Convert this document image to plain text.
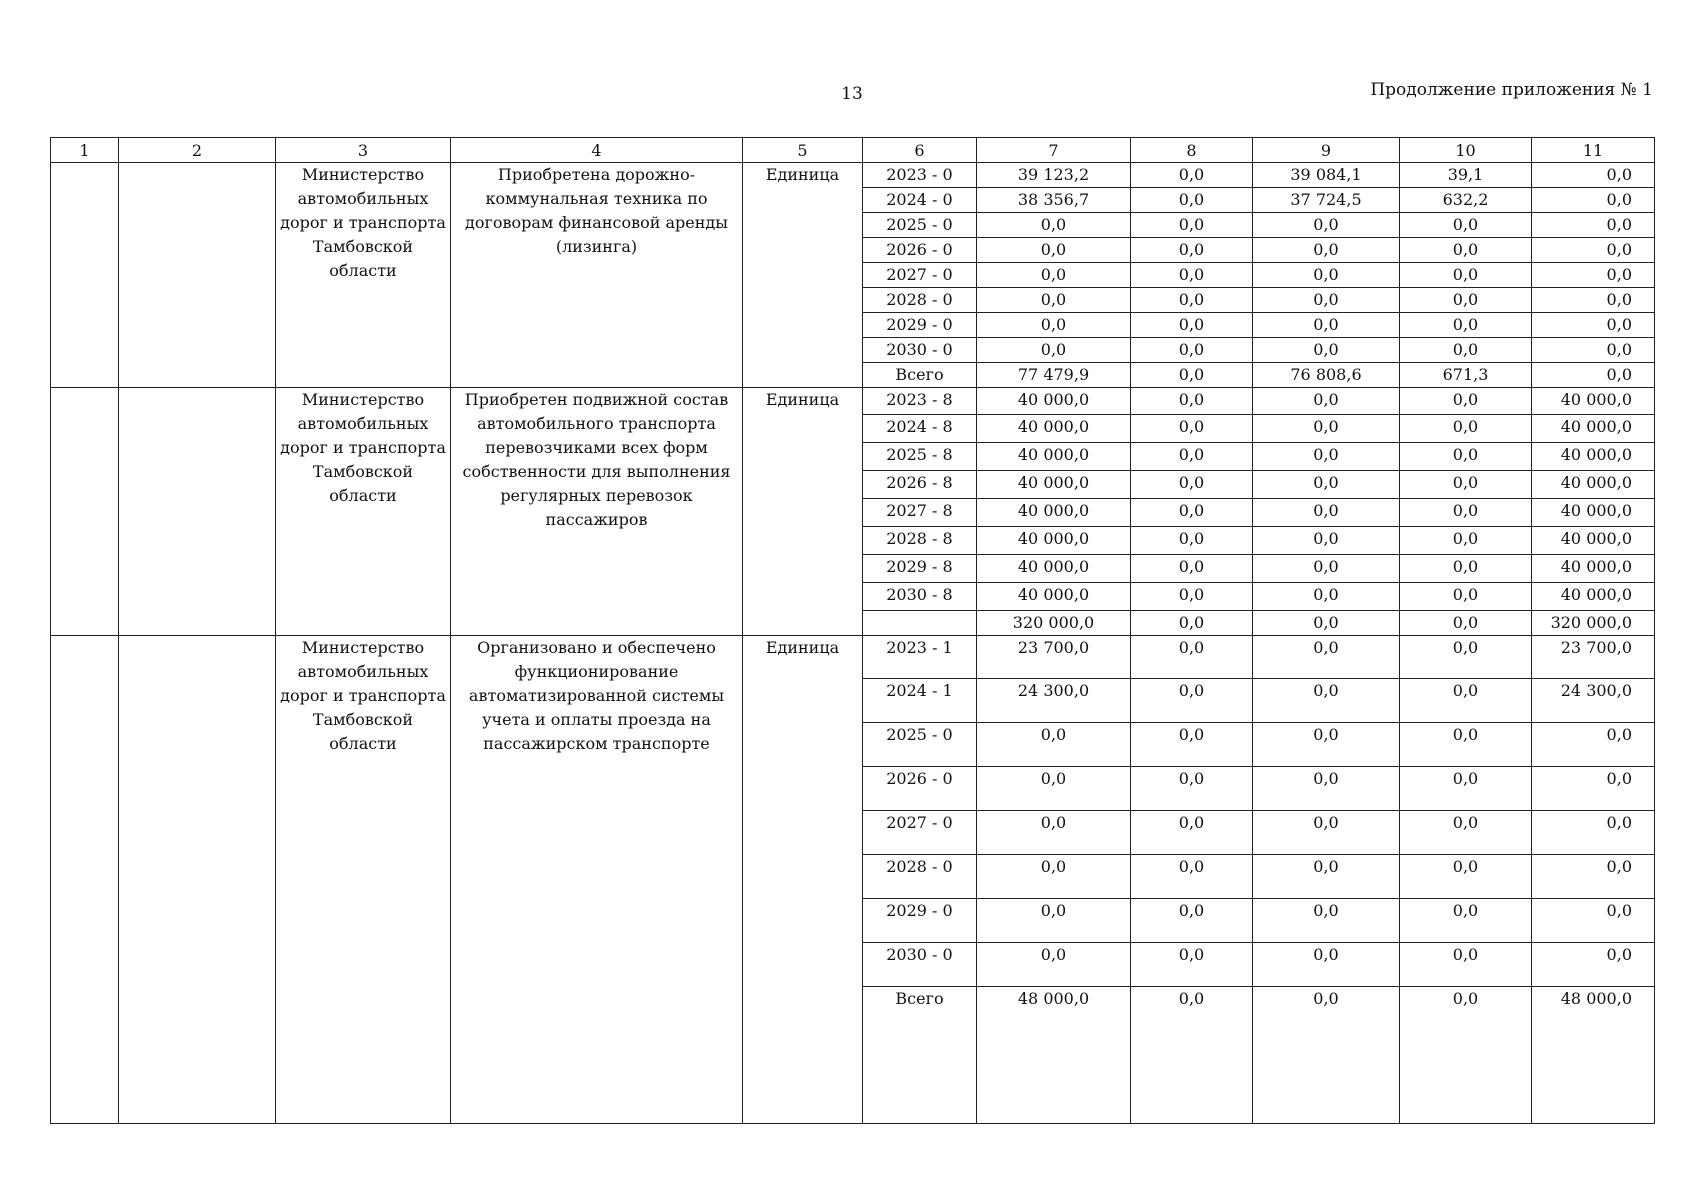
13	Продолжение приложения № 1
1	2	3	4	5	6	7	8	9	10	11
		Министерство автомобильных дорог и транспорта Тамбовской области	Приобретена дорожно-коммунальная техника по договорам финансовой аренды (лизинга)	Единица	2023 - 0	39 123,2	0,0	39 084,1	39,1	0,0
					2024 - 0	38 356,7	0,0	37 724,5	632,2	0,0
					2025 - 0	0,0	0,0	0,0	0,0	0,0
					2026 - 0	0,0	0,0	0,0	0,0	0,0
					2027 - 0	0,0	0,0	0,0	0,0	0,0
					2028 - 0	0,0	0,0	0,0	0,0	0,0
					2029 - 0	0,0	0,0	0,0	0,0	0,0
					2030 - 0	0,0	0,0	0,0	0,0	0,0
					Всего	77 479,9	0,0	76 808,6	671,3	0,0
		Министерство автомобильных дорог и транспорта Тамбовской области	Приобретен подвижной состав автомобильного транспорта перевозчиками всех форм собственности для выполнения регулярных перевозок пассажиров	Единица	2023 - 8	40 000,0	0,0	0,0	0,0	40 000,0
					2024 - 8	40 000,0	0,0	0,0	0,0	40 000,0
					2025 - 8	40 000,0	0,0	0,0	0,0	40 000,0
					2026 - 8	40 000,0	0,0	0,0	0,0	40 000,0
					2027 - 8	40 000,0	0,0	0,0	0,0	40 000,0
					2028 - 8	40 000,0	0,0	0,0	0,0	40 000,0
					2029 - 8	40 000,0	0,0	0,0	0,0	40 000,0
					2030 - 8	40 000,0	0,0	0,0	0,0	40 000,0
						320 000,0	0,0	0,0	0,0	320 000,0
		Министерство автомобильных дорог и транспорта Тамбовской области	Организовано и обеспечено функционирование автоматизированной системы учета и оплаты проезда на пассажирском транспорте	Единица	2023 - 1	23 700,0	0,0	0,0	0,0	23 700,0
					2024 - 1	24 300,0	0,0	0,0	0,0	24 300,0
					2025 - 0	0,0	0,0	0,0	0,0	0,0
					2026 - 0	0,0	0,0	0,0	0,0	0,0
					2027 - 0	0,0	0,0	0,0	0,0	0,0
					2028 - 0	0,0	0,0	0,0	0,0	0,0
					2029 - 0	0,0	0,0	0,0	0,0	0,0
					2030 - 0	0,0	0,0	0,0	0,0	0,0
					Всего	48 000,0	0,0	0,0	0,0	48 000,0
